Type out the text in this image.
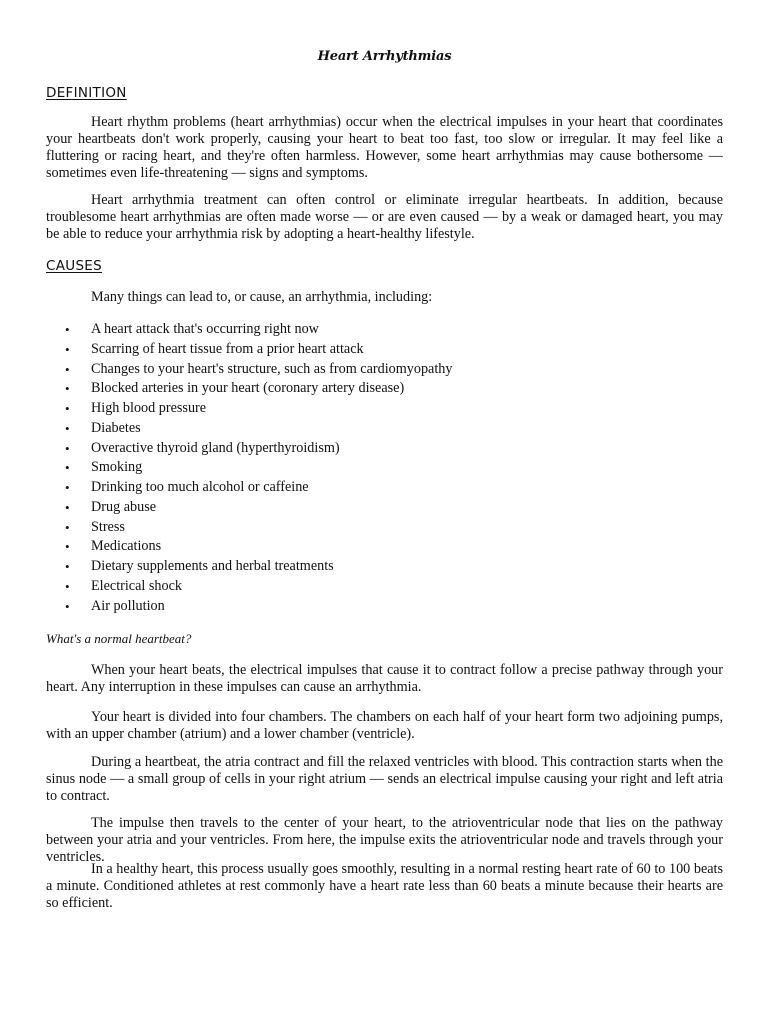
Heart Arrhythmias
DEFINITION

Heart rhythm problems (heart arrhythmias) occur when the electrical impulses in your heart that coordinates your heartbeats don't work properly, causing your heart to beat too fast, too slow or irregular. It may feel like a fluttering or racing heart, and they're often harmless. However, some heart arrhythmias may cause bothersome — sometimes even life-threatening — signs and symptoms.

Heart arrhythmia treatment can often control or eliminate irregular heartbeats. In addition, because troublesome heart arrhythmias are often made worse — or are even caused — by a weak or damaged heart, you may be able to reduce your arrhythmia risk by adopting a heart-healthy lifestyle.

CAUSES

Many things can lead to, or cause, an arrhythmia, including:

• A heart attack that's occurring right now
• Scarring of heart tissue from a prior heart attack
• Changes to your heart's structure, such as from cardiomyopathy
• Blocked arteries in your heart (coronary artery disease)
• High blood pressure
• Diabetes
• Overactive thyroid gland (hyperthyroidism)
• Smoking
• Drinking too much alcohol or caffeine
• Drug abuse
• Stress
• Medications
• Dietary supplements and herbal treatments
• Electrical shock
• Air pollution
What's a normal heartbeat?

When your heart beats, the electrical impulses that cause it to contract follow a precise pathway through your heart. Any interruption in these impulses can cause an arrhythmia.

Your heart is divided into four chambers. The chambers on each half of your heart form two adjoining pumps, with an upper chamber (atrium) and a lower chamber (ventricle).

During a heartbeat, the atria contract and fill the relaxed ventricles with blood. This contraction starts when the sinus node — a small group of cells in your right atrium — sends an electrical impulse causing your right and left atria to contract.

The impulse then travels to the center of your heart, to the atrioventricular node that lies on the pathway between your atria and your ventricles. From here, the impulse exits the atrioventricular node and travels through your ventricles.

In a healthy heart, this process usually goes smoothly, resulting in a normal resting heart rate of 60 to 100 beats a minute. Conditioned athletes at rest commonly have a heart rate less than 60 beats a minute because their hearts are so efficient.
